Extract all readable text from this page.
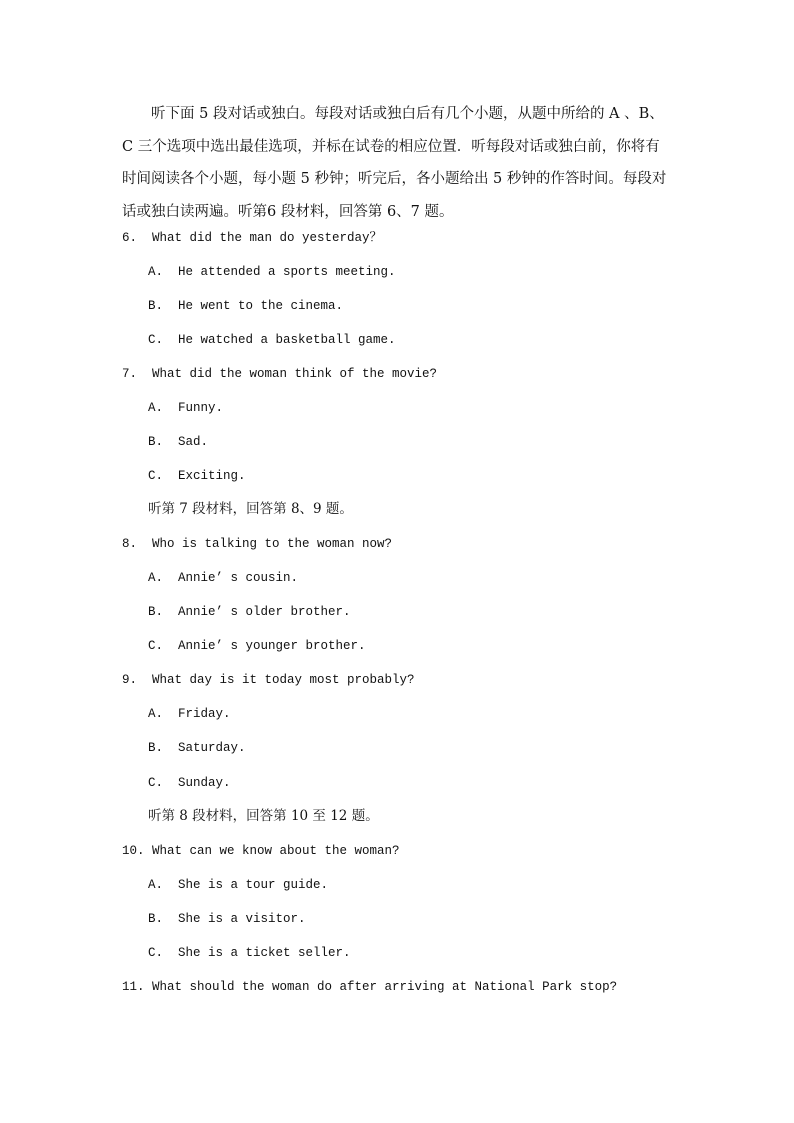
听下面 5 段对话或独白。每段对话或独白后有几个小题，从题中所给的 A 、B、C 三个选项中选出最佳选项，并标在试卷的相应位置．听每段对话或独白前，你将有时间阅读各个小题，每小题 5 秒钟；听完后，各小题给出 5 秒钟的作答时间。每段对话或独白读两遍。听第6 段材料，回答第 6、7 题。

6.  What did the man do yesterday？
A.  He attended a sports meeting.
B.  He went to the cinema.
C.  He watched a basketball game.
7.  What did the woman think of the movie?
A.  Funny.
B.  Sad.
C.  Exciting.
听第 7 段材料，回答第 8、9 题。
8.  Who is talking to the woman now?
A.  Annie’ s cousin.
B.  Annie’ s older brother.
C.  Annie’ s younger brother.
9.  What day is it today most probably?
A.  Friday.
B.  Saturday.
C.  Sunday.
听第 8 段材料，回答第 10 至 12 题。
10. What can we know about the woman?
A.  She is a tour guide.
B.  She is a visitor.
C.  She is a ticket seller.
11. What should the woman do after arriving at National Park stop?
